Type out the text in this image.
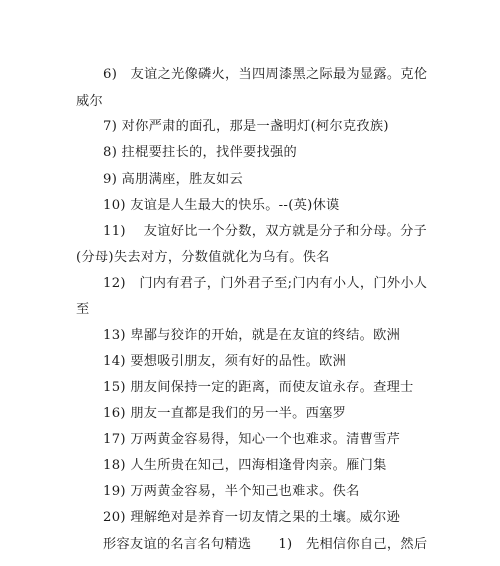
6)　友谊之光像磷火，当四周漆黑之际最为显露。克伦
威尔
7) 对你严肃的面孔，那是一盏明灯(柯尔克孜族)
8) 拄棍要拄长的，找伴要找强的
9) 高朋满座，胜友如云
10) 友谊是人生最大的快乐。--(英)休谟
11)　 友谊好比一个分数，双方就是分子和分母。分子
(分母)失去对方，分数值就化为乌有。佚名
12)　门内有君子，门外君子至;门内有小人，门外小人
至
13) 卑鄙与狡诈的开始，就是在友谊的终结。欧洲
14) 要想吸引朋友，须有好的品性。欧洲
15) 朋友间保持一定的距离，而使友谊永存。查理士
16) 朋友一直都是我们的另一半。西塞罗
17) 万两黄金容易得，知心一个也难求。清曹雪芹
18) 人生所贵在知己，四海相逢骨肉亲。雁门集
19) 万两黄金容易，半个知己也难求。佚名
20) 理解绝对是养育一切友情之果的土壤。威尔逊
形容友谊的名言名句精选　　1)　先相信你自己，然后
